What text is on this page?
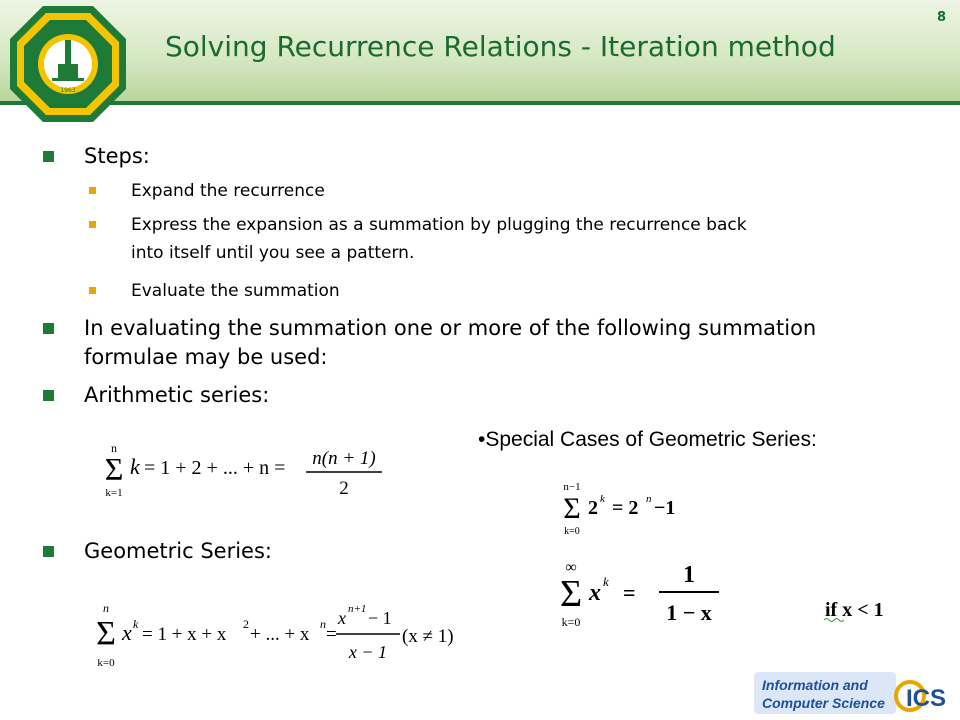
1963
Solving Recurrence Relations - Iteration method
8
Steps:
Expand the recurrence
Express the expansion as a summation by plugging the recurrence back
into itself until you see a pattern.
Evaluate the summation
In evaluating the summation one or more of the following summation
formulae may be used:
Arithmetic series:
Geometric Series:
•Special Cases of Geometric Series:
n
Σ
k=1
k = 1 + 2 + ... + n = n(n + 1)
2
n
Σ
k=0
x k = 1 + x + x 2 + ... + x n =
x n+1 − 1
x − 1
(x ≠ 1)
n−1
Σ
k=0
2 k = 2 n −1
∞
Σ
k=0
x k =
1
1 − x	if x < 1
Information and
Computer Science ICS
